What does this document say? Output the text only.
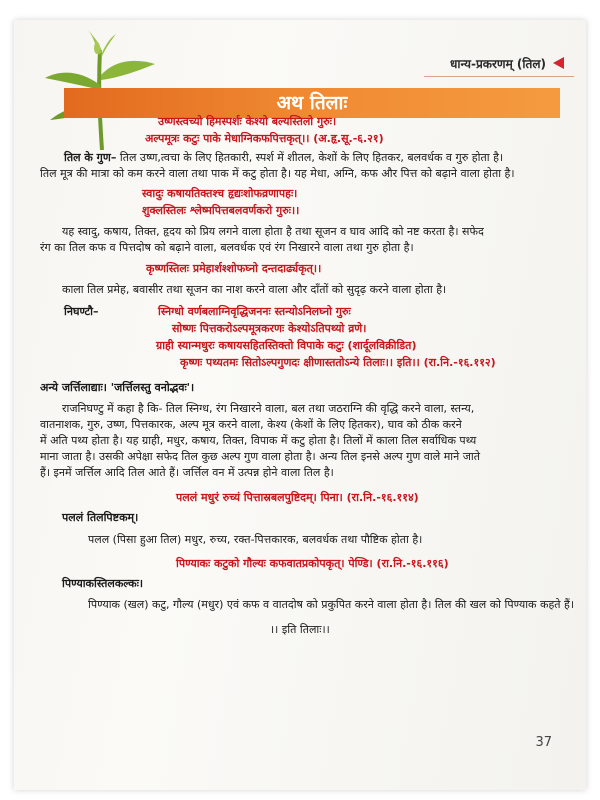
धान्य-प्रकरणम् (तिल)
अथ तिलाः
उष्णस्त्वच्यो हिमस्पर्शः केश्यो बल्यस्तिलो गुरुः।
अल्पमूत्रः कटुः पाके मेधाग्निकफपित्तकृत्।। (अ.हृ.सू.-६.२१)
तिल के गुण– तिल उष्ण,त्वचा के लिए हितकारी, स्पर्श में शीतल, केशों के लिए हितकर, बलवर्धक व गुरु होता है।
तिल मूत्र की मात्रा को कम करने वाला तथा पाक में कटु होता है। यह मेधा, अग्नि, कफ और पित्त को बढ़ाने वाला होता है।
स्वादुः कषायतिक्तश्च हृद्यःशोफव्रणापहः।
शुक्लस्तिलः श्लेष्मपित्तबलवर्णकरो गुरुः।।
यह स्वादु, कषाय, तिक्त, हृदय को प्रिय लगने वाला होता है तथा सूजन व घाव आदि को नष्ट करता है। सफेद
रंग का तिल कफ व पित्तदोष को बढ़ाने वाला, बलवर्धक एवं रंग निखारने वाला तथा गुरु होता है।
कृष्णस्तिलः प्रमेहार्शश्शोफघ्नो दन्तदार्ढ्यकृत्।।
काला तिल प्रमेह, बवासीर तथा सूजन का नाश करने वाला और दाँतों को सुदृढ़ करने वाला होता है।
निघण्टौ–	स्निग्धो वर्णबलाग्निवृद्धिजननः स्तन्योऽनिलघ्नो गुरुः
सोष्णः पित्तकरोऽल्पमूत्रकरणः केश्योऽतिपथ्यो व्रणे।
ग्राही स्यान्मधुरः कषायसहितस्तिक्तो विपाके कटुः (शार्दूलविक्रीडित)
कृष्णः पथ्यतमः सितोऽल्पगुणदः क्षीणास्ततोऽन्ये तिलाः।। इति।। (रा.नि.-१६.११२)
अन्ये जर्त्तिलाद्याः। 'जर्त्तिलस्तु वनोद्भवः'।
राजनिघण्टु में कहा है कि- तिल स्निग्ध, रंग निखारने वाला, बल तथा जठराग्नि की वृद्धि करने वाला, स्तन्य,
वातनाशक, गुरु, उष्ण, पित्तकारक, अल्प मूत्र करने वाला, केश्य (केशों के लिए हितकर), घाव को ठीक करने
में अति पथ्य होता है। यह ग्राही, मधुर, कषाय, तिक्त, विपाक में कटु होता है। तिलों में काला तिल सर्वाधिक पथ्य
माना जाता है। उसकी अपेक्षा सफेद तिल कुछ अल्प गुण वाला होता है। अन्य तिल इनसे अल्प गुण वाले माने जाते
हैं। इनमें जर्त्तिल आदि तिल आते हैं। जर्त्तिल वन में उत्पन्न होने वाला तिल है।
पललं मधुरं रुच्यं पित्तास्रबलपुष्टिदम्। पिना। (रा.नि.-१६.११४)
पललं तिलपिष्टकम्।
पलल (पिसा हुआ तिल) मधुर, रुच्य, रक्त-पित्तकारक, बलवर्धक तथा पौष्टिक होता है।
पिण्याकः कटुको गौल्यः कफवातप्रकोपकृत्। पेण्डि। (रा.नि.-१६.११६)
पिण्याकस्तिलकल्कः।
पिण्याक (खल) कटु, गौल्य (मधुर) एवं कफ व वातदोष को प्रकुपित करने वाला होता है। तिल की खल को पिण्याक कहते हैं।
।। इति तिलाः।।
37
